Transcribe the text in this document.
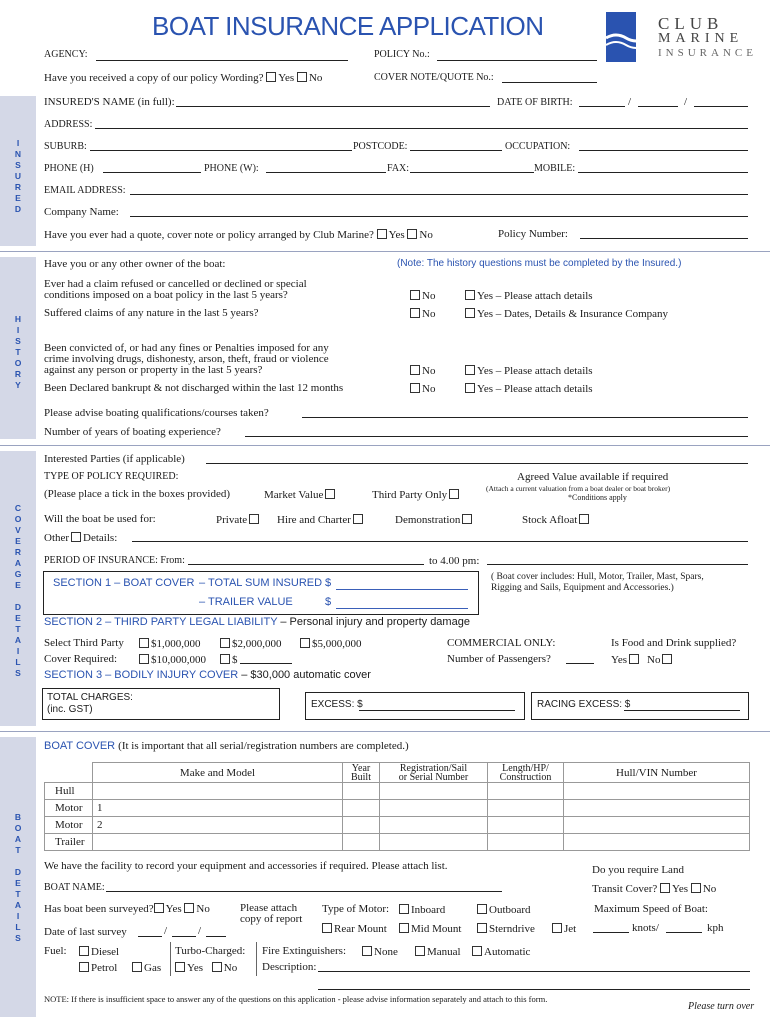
BOAT INSURANCE APPLICATION	CLUB
MARINE
INSURANCE
AGENCY:	POLICY No.:
Have you received a copy of our policy Wording? Yes No	COVER NOTE/QUOTE No.:
I
N
S
U
R
E
D
INSURED'S NAME (in full):	DATE OF BIRTH:	/	/
ADDRESS:
SUBURB:	POSTCODE:	OCCUPATION:
PHONE (H)	PHONE (W):	FAX:	MOBILE:
EMAIL ADDRESS:
Company Name:
Have you ever had a quote, cover note or policy arranged by Club Marine? Yes No	Policy Number:
H
I
S
T
O
R
Y
Have you or any other owner of the boat:	(Note: The history questions must be completed by the Insured.)
Ever had a claim refused or cancelled or declined or special
conditions imposed on a boat policy in the last 5 years?	No	Yes – Please attach details
Suffered claims of any nature in the last 5 years?	No	Yes – Dates, Details & Insurance Company
Been convicted of, or had any fines or Penalties imposed for any
crime involving drugs, dishonesty, arson, theft, fraud or violence
against any person or property in the last 5 years?	No	Yes – Please attach details
Been Declared bankrupt & not discharged within the last 12 months	No	Yes – Please attach details
Please advise boating qualifications/courses taken?
Number of years of boating experience?
C
O
V
E
R
A
G
E

D
E
T
A
I
L
S
Interested Parties (if applicable)
TYPE OF POLICY REQUIRED:
(Please place a tick in the boxes provided)	Market Value	Third Party Only
Agreed Value available if required
(Attach a current valuation from a boat dealer or boat broker)
*Conditions apply
Will the boat be used for:	Private	Hire and Charter	Demonstration	Stock Afloat
Other Details:
PERIOD OF INSURANCE: From:	to 4.00 pm:
SECTION 1 – BOAT COVER – TOTAL SUM INSURED $
– TRAILER VALUE	$
( Boat cover includes: Hull, Motor, Trailer, Mast, Spars,
Rigging and Sails, Equipment and Accessories.)
SECTION 2 – THIRD PARTY LEGAL LIABILITY – Personal injury and property damage
Select Third Party
Cover Required:
$1,000,000	$2,000,000	$5,000,000
$10,000,000	$
COMMERCIAL ONLY:
Number of Passengers?
Is Food and Drink supplied?
Yes No
SECTION 3 – BODILY INJURY COVER – $30,000 automatic cover
TOTAL CHARGES:
(inc. GST)	EXCESS: $	RACING EXCESS: $
B
O
A
T

D
E
T
A
I
L
S
BOAT COVER (It is important that all serial/registration numbers are completed.)
	Make and Model	Year
Built	Registration/Sail
or Serial Number	Length/HP/
Construction	Hull/VIN Number
Hull					
Motor	1				
Motor	2				
Trailer					
We have the facility to record your equipment and accessories if required. Please attach list.	Do you require Land
Transit Cover? Yes No
BOAT NAME:
Has boat been surveyed? Yes No	Please attach
copy of report
Type of Motor:	Inboard	Outboard	Maximum Speed of Boat:
Rear Mount	Mid Mount	Sterndrive	Jet	knots/	kph
Date of last survey	/	/
Fuel:	Diesel
Petrol	Gas
Turbo-Charged:
Yes No
Fire Extinguishers:	None	Manual	Automatic
Description:
NOTE: If there is insufficient space to answer any of the questions on this application - please advise information separately and attach to this form.
Please turn over
